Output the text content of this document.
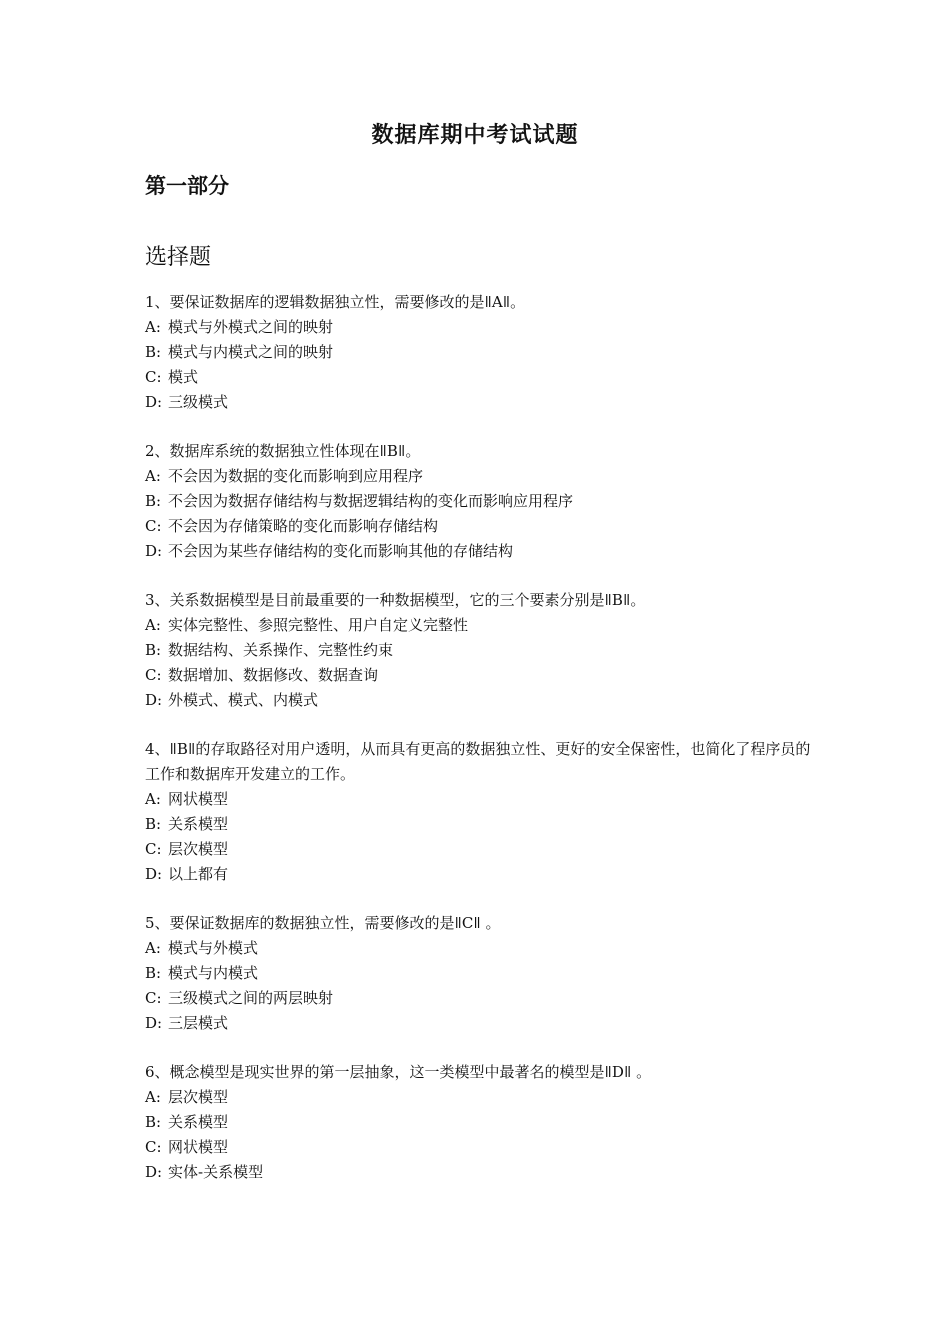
数据库期中考试试题
第一部分
选择题

1、要保证数据库的逻辑数据独立性，需要修改的是ǁAǁ。

A: 模式与外模式之间的映射

B: 模式与内模式之间的映射

C: 模式

D: 三级模式

2、数据库系统的数据独立性体现在ǁBǁ。

A: 不会因为数据的变化而影响到应用程序

B: 不会因为数据存储结构与数据逻辑结构的变化而影响应用程序

C: 不会因为存储策略的变化而影响存储结构

D: 不会因为某些存储结构的变化而影响其他的存储结构

3、关系数据模型是目前最重要的一种数据模型，它的三个要素分别是ǁBǁ。

A: 实体完整性、参照完整性、用户自定义完整性

B: 数据结构、关系操作、完整性约束

C: 数据增加、数据修改、数据查询

D: 外模式、模式、内模式

4、ǁBǁ的存取路径对用户透明，从而具有更高的数据独立性、更好的安全保密性，也简化了程序员的工作和数据库开发建立的工作。

A: 网状模型

B: 关系模型

C: 层次模型

D: 以上都有

5、要保证数据库的数据独立性，需要修改的是ǁCǁ 。

A: 模式与外模式

B: 模式与内模式

C: 三级模式之间的两层映射

D: 三层模式

6、概念模型是现实世界的第一层抽象，这一类模型中最著名的模型是ǁDǁ 。

A: 层次模型

B: 关系模型

C: 网状模型

D: 实体-关系模型
